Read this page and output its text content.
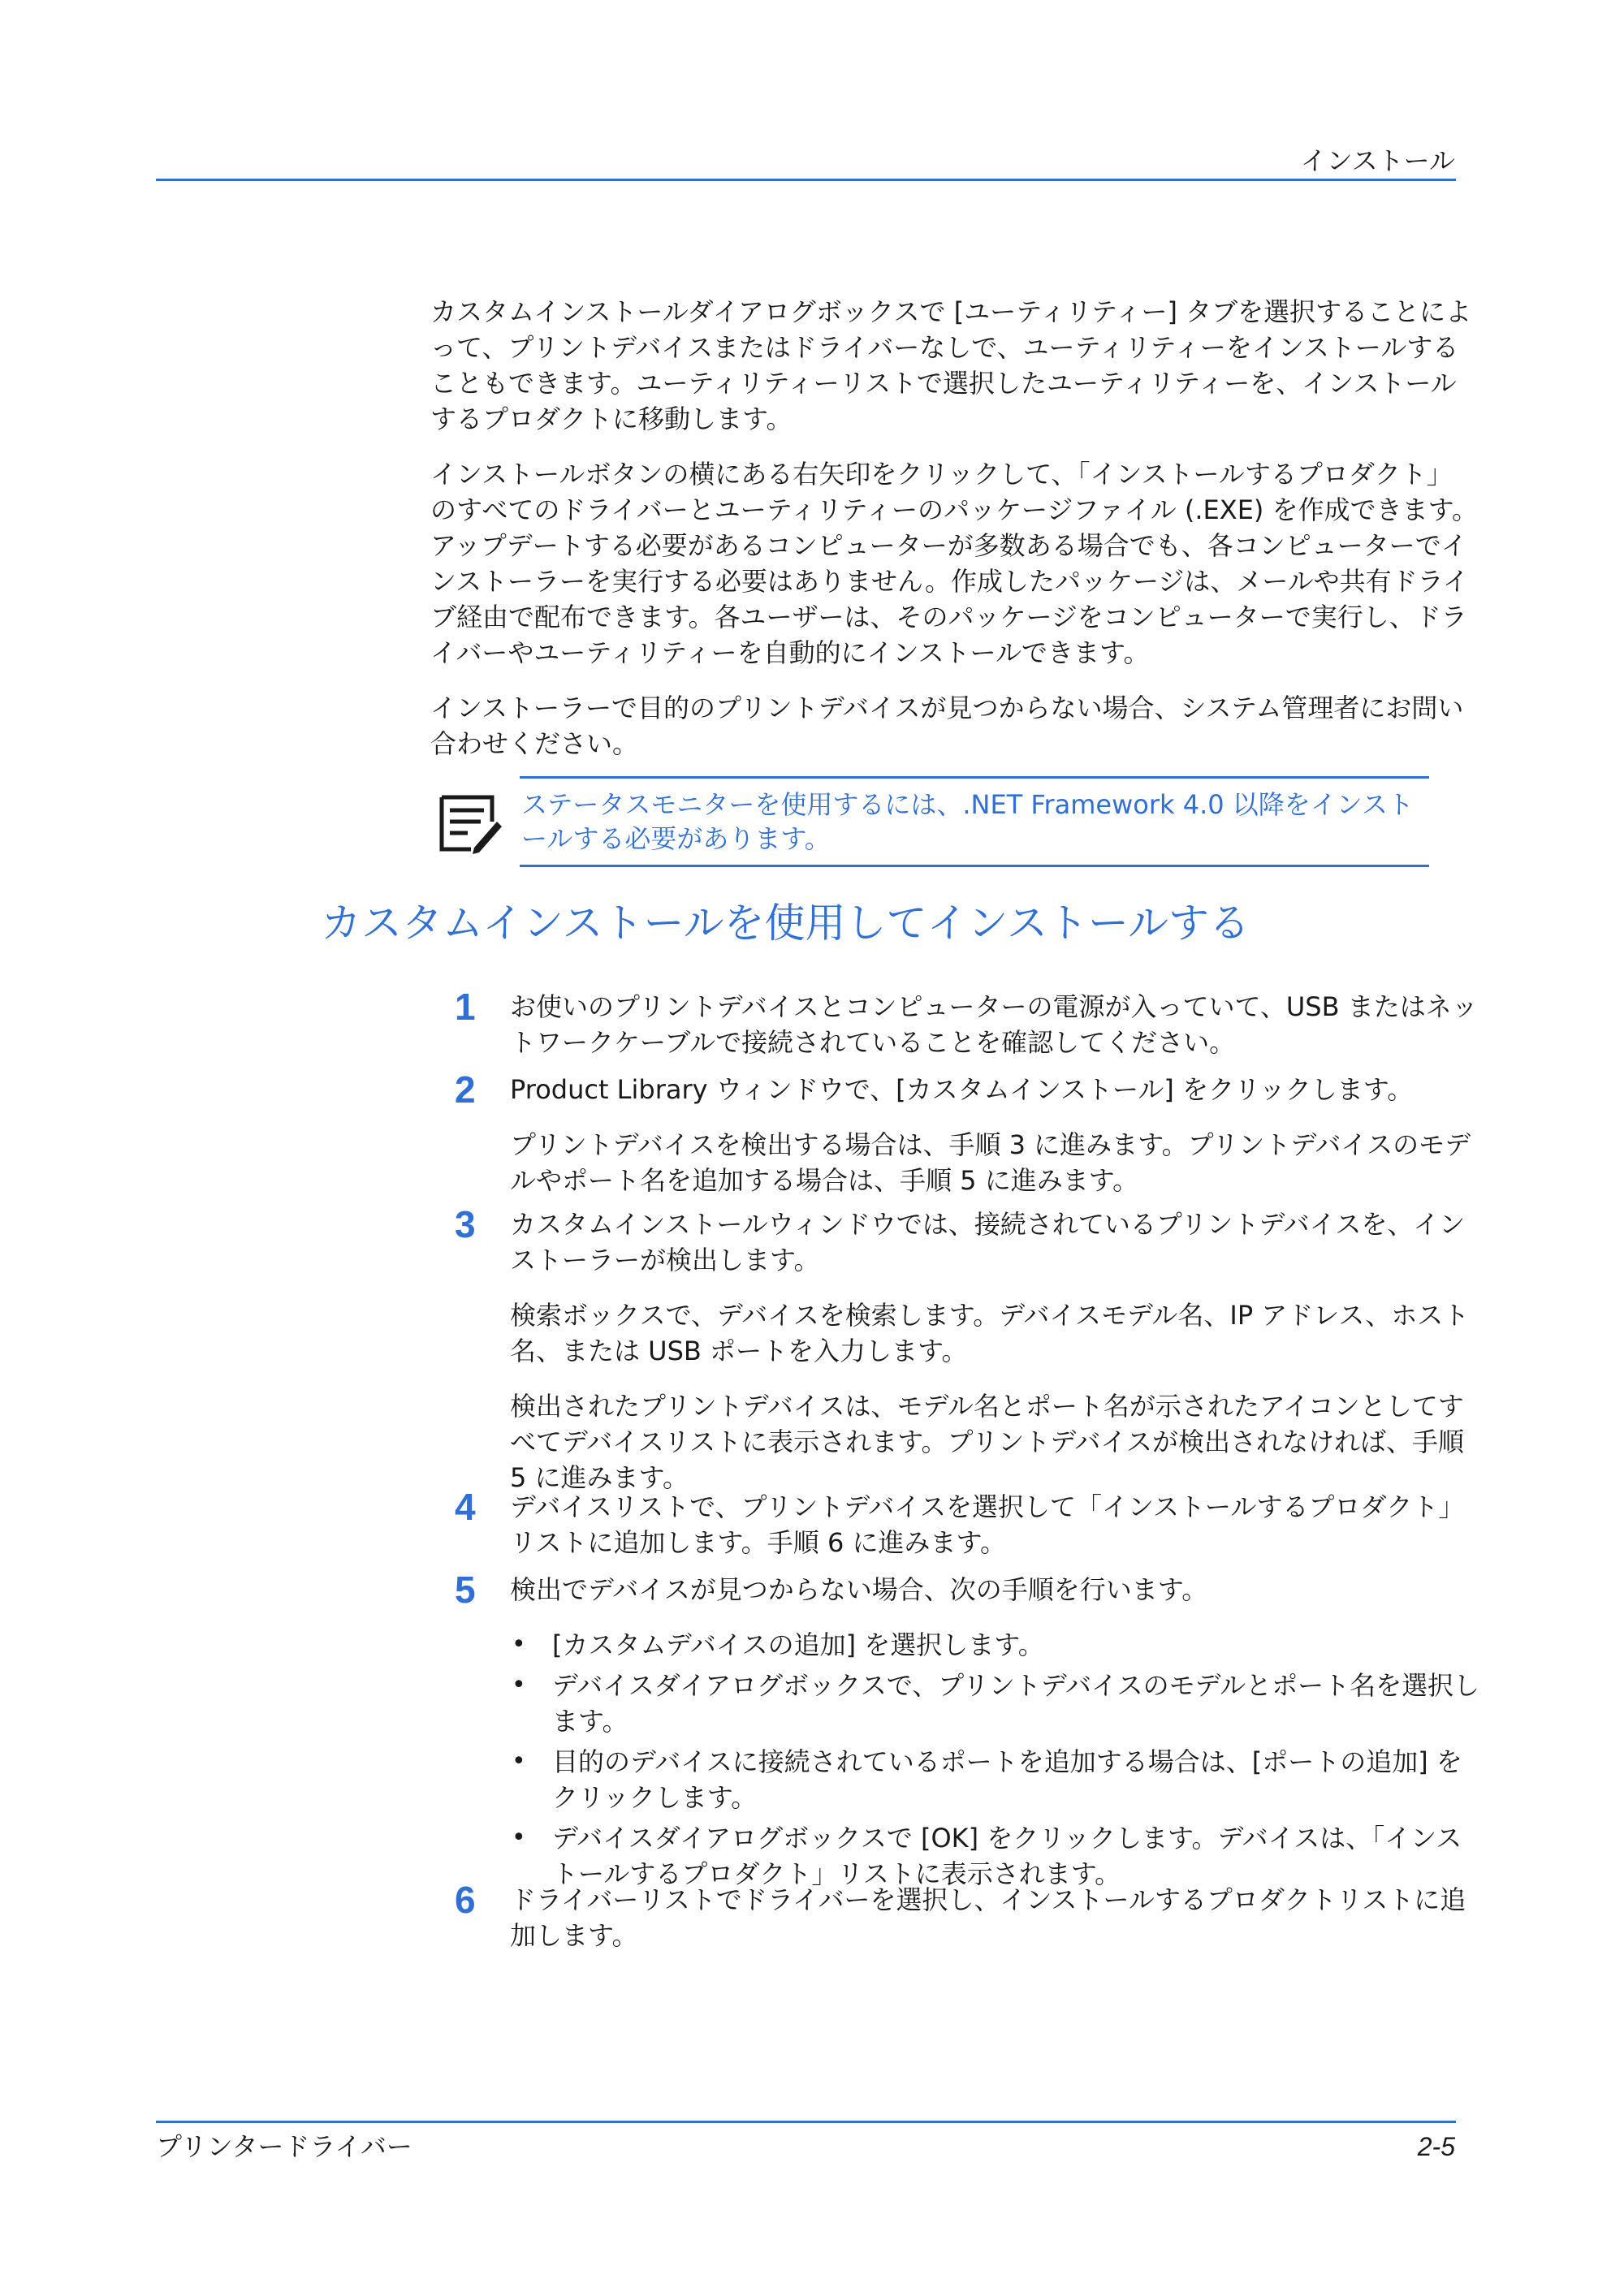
インストール

カスタムインストールダイアログボックスで [ユーティリティー] タブを選択することによって、プリントデバイスまたはドライバーなしで、ユーティリティーをインストールすることもできます。ユーティリティーリストで選択したユーティリティーを、インストールするプロダクトに移動します。

インストールボタンの横にある右矢印をクリックして、「インストールするプロダクト」のすべてのドライバーとユーティリティーのパッケージファイル (.EXE) を作成できます。アップデートする必要があるコンピューターが多数ある場合でも、各コンピューターでインストーラーを実行する必要はありません。作成したパッケージは、メールや共有ドライブ経由で配布できます。各ユーザーは、そのパッケージをコンピューターで実行し、ドライバーやユーティリティーを自動的にインストールできます。

インストーラーで目的のプリントデバイスが見つからない場合、システム管理者にお問い合わせください。

ステータスモニターを使用するには、.NET Framework 4.0 以降をインストールする必要があります。
カスタムインストールを使用してインストールする
1	お使いのプリントデバイスとコンピューターの電源が入っていて、USB またはネットワークケーブルで接続されていることを確認してください。

2	Product Library ウィンドウで、[カスタムインストール] をクリックします。

プリントデバイスを検出する場合は、手順 3 に進みます。プリントデバイスのモデルやポート名を追加する場合は、手順 5 に進みます。

3	カスタムインストールウィンドウでは、接続されているプリントデバイスを、インストーラーが検出します。

検索ボックスで、デバイスを検索します。デバイスモデル名、IP アドレス、ホスト名、または USB ポートを入力します。

検出されたプリントデバイスは、モデル名とポート名が示されたアイコンとしてすべてデバイスリストに表示されます。プリントデバイスが検出されなければ、手順 5 に進みます。

4	デバイスリストで、プリントデバイスを選択して「インストールするプロダクト」リストに追加します。手順 6 に進みます。

5	検出でデバイスが見つからない場合、次の手順を行います。

• [カスタムデバイスの追加] を選択します。
• デバイスダイアログボックスで、プリントデバイスのモデルとポート名を選択します。
• 目的のデバイスに接続されているポートを追加する場合は、[ポートの追加] をクリックします。
• デバイスダイアログボックスで [OK] をクリックします。デバイスは、「インストールするプロダクト」リストに表示されます。
6	ドライバーリストでドライバーを選択し、インストールするプロダクトリストに追加します。

プリンタードライバー	2-5
